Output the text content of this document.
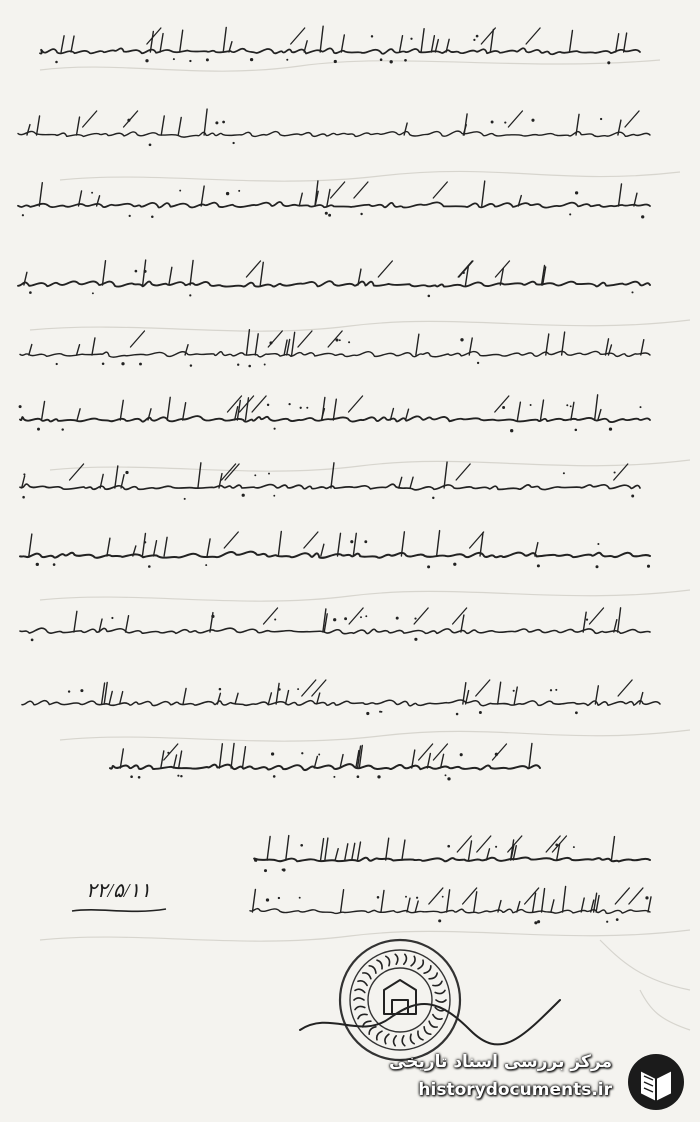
۲۲/۵/۱۱
مرکز بررسی اسناد تاریخی
historydocuments.ir
